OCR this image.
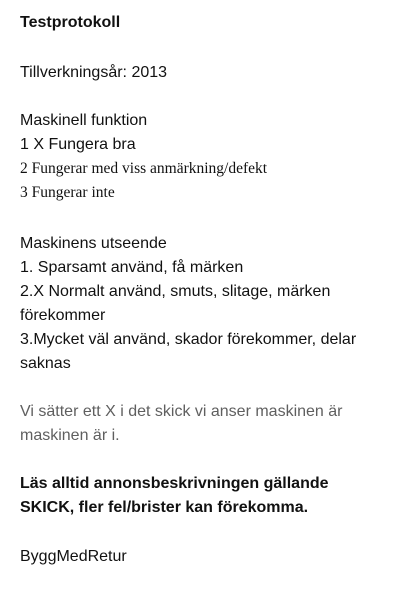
Testprotokoll
Tillverkningsår: 2013
Maskinell funktion
1 X Fungera bra
2 Fungerar med viss anmärkning/defekt
3 Fungerar inte
Maskinens utseende
1. Sparsamt använd, få märken
2.X Normalt använd, smuts, slitage, märken
förekommer
3.Mycket väl använd, skador förekommer, delar
saknas
Vi sätter ett X i det skick vi anser maskinen är
maskinen är i.
Läs alltid annonsbeskrivningen gällande
SKICK, fler fel/brister kan förekomma.
ByggMedRetur
